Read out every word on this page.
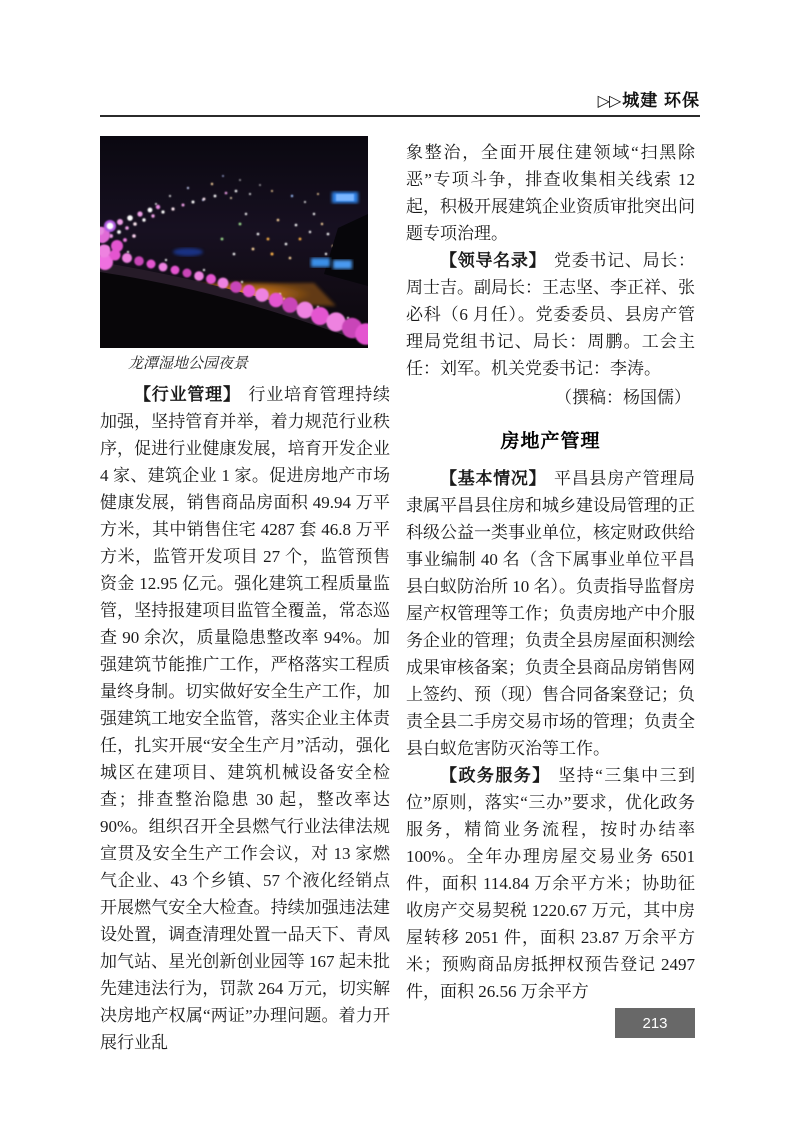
▷▷ 城建 环保
龙潭湿地公园夜景

【行业管理】 行业培育管理持续加强，坚持管育并举，着力规范行业秩序，促进行业健康发展，培育开发企业 4 家、建筑企业 1 家。促进房地产市场健康发展，销售商品房面积 49.94 万平方米，其中销售住宅 4287 套 46.8 万平方米，监管开发项目 27 个，监管预售资金 12.95 亿元。强化建筑工程质量监管，坚持报建项目监管全覆盖，常态巡查 90 余次，质量隐患整改率 94%。加强建筑节能推广工作，严格落实工程质量终身制。切实做好安全生产工作，加强建筑工地安全监管，落实企业主体责任，扎实开展“安全生产月”活动，强化城区在建项目、建筑机械设备安全检查；排查整治隐患 30 起，整改率达 90%。组织召开全县燃气行业法律法规宣贯及安全生产工作会议，对 13 家燃气企业、43 个乡镇、57 个液化经销点开展燃气安全大检查。持续加强违法建设处置，调查清理处置一品天下、青凤加气站、星光创新创业园等 167 起未批先建违法行为，罚款 264 万元，切实解决房地产权属“两证”办理问题。着力开展行业乱

象整治，全面开展住建领域“扫黑除恶”专项斗争，排查收集相关线索 12 起，积极开展建筑企业资质审批突出问题专项治理。

【领导名录】 党委书记、局长：周士吉。副局长：王志坚、李正祥、张必科（6 月任）。党委委员、县房产管理局党组书记、局长：周鹏。工会主任：刘军。机关党委书记：李涛。

（撰稿：杨国儒）

房地产管理

【基本情况】 平昌县房产管理局隶属平昌县住房和城乡建设局管理的正科级公益一类事业单位，核定财政供给事业编制 40 名（含下属事业单位平昌县白蚁防治所 10 名）。负责指导监督房屋产权管理等工作；负责房地产中介服务企业的管理；负责全县房屋面积测绘成果审核备案；负责全县商品房销售网上签约、预（现）售合同备案登记；负责全县二手房交易市场的管理；负责全县白蚁危害防灭治等工作。

【政务服务】 坚持“三集中三到位”原则，落实“三办”要求，优化政务服务，精简业务流程，按时办结率 100%。全年办理房屋交易业务 6501 件，面积 114.84 万余平方米；协助征收房产交易契税 1220.67 万元，其中房屋转移 2051 件，面积 23.87 万余平方米；预购商品房抵押权预告登记 2497 件，面积 26.56 万余平方

213
